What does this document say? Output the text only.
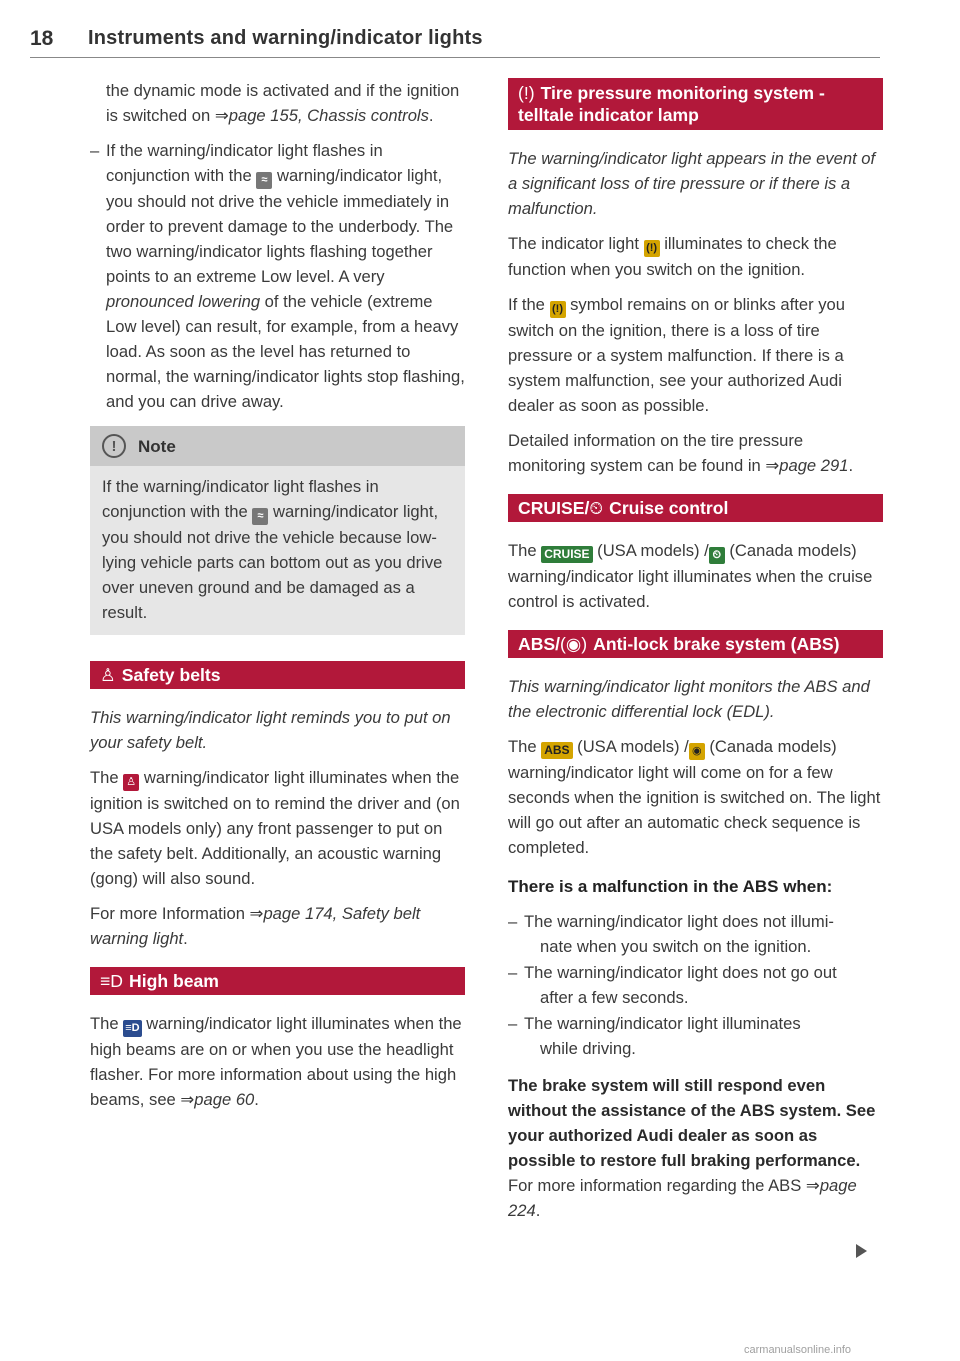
18 Instruments and warning/indicator lights

the dynamic mode is activated and if the ignition is switched on ⇒page 155, Chassis controls.

– If the warning/indicator light flashes in conjunction with the ≈ warning/indicator light, you should not drive the vehicle immediately in order to prevent damage to the underbody. The two warning/indicator lights flashing together points to an extreme Low level. A very pronounced lowering of the vehicle (extreme Low level) can result, for example, from a heavy load. As soon as the level has returned to normal, the warning/indicator lights stop flashing, and you can drive away.

!	Note
If the warning/indicator light flashes in conjunction with the ≈ warning/indicator light, you should not drive the vehicle because low-lying vehicle parts can bottom out as you drive over uneven ground and be damaged as a result.
♙ Safety belts

This warning/indicator light reminds you to put on your safety belt.

The ♙ warning/indicator light illuminates when the ignition is switched on to remind the driver and (on USA models only) any front passenger to put on the safety belt. Additionally, an acoustic warning (gong) will also sound.

For more Information ⇒page 174, Safety belt warning light.

≡D High beam

The ≡D warning/indicator light illuminates when the high beams are on or when you use the headlight flasher. For more information about using the high beams, see ⇒page 60.

(!) Tire pressure monitoring system - telltale indicator lamp

The warning/indicator light appears in the event of a significant loss of tire pressure or if there is a malfunction.

The indicator light (!) illuminates to check the function when you switch on the ignition.

If the (!) symbol remains on or blinks after you switch on the ignition, there is a loss of tire pressure or a system malfunction. If there is a system malfunction, see your authorized Audi dealer as soon as possible.

Detailed information on the tire pressure monitoring system can be found in ⇒page 291.

CRUISE/⏲ Cruise control

The CRUISE (USA models) / ⏲ (Canada models) warning/indicator light illuminates when the cruise control is activated.

ABS/(◉) Anti-lock brake system (ABS)

This warning/indicator light monitors the ABS and the electronic differential lock (EDL).

The ABS (USA models) / ◉ (Canada models) warning/indicator light will come on for a few seconds when the ignition is switched on. The light will go out after an automatic check sequence is completed.

There is a malfunction in the ABS when:
– The warning/indicator light does not illumi-
nate when you switch on the ignition.
– The warning/indicator light does not go out
after a few seconds.
– The warning/indicator light illuminates
while driving.

The brake system will still respond even without the assistance of the ABS system. See your authorized Audi dealer as soon as possible to restore full braking performance.

For more information regarding the ABS ⇒page 224.

carmanualsonline.info
